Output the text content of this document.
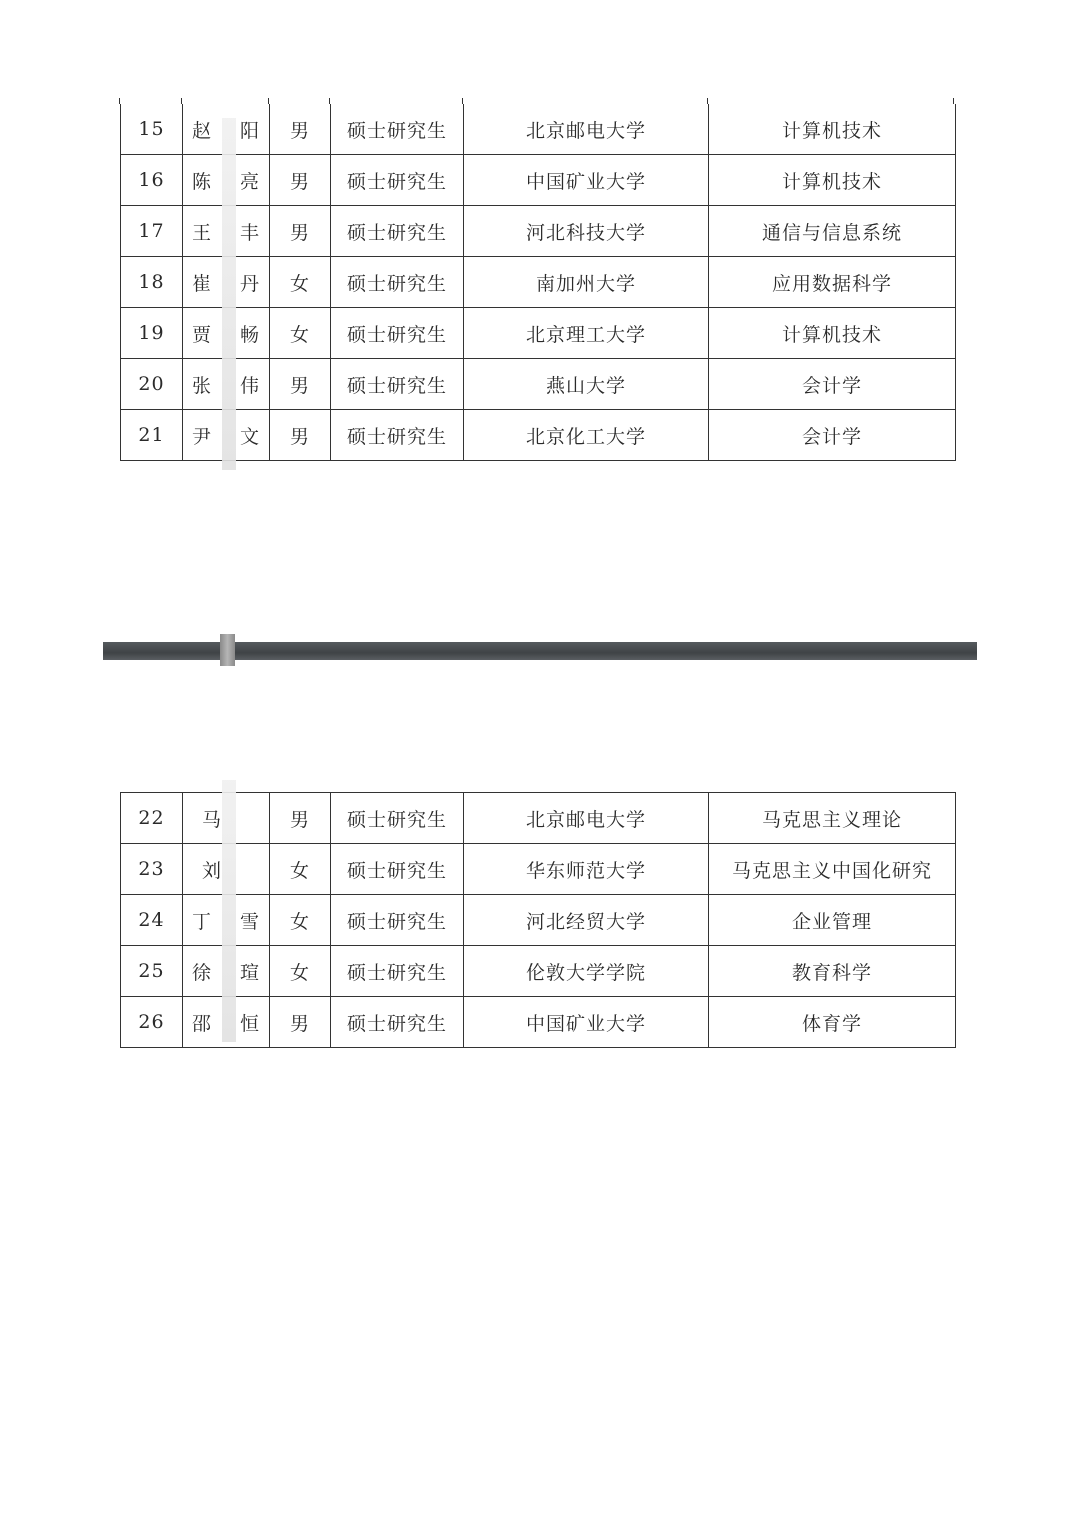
15	赵 阳	男	硕士研究生	北京邮电大学	计算机技术
16	陈 亮	男	硕士研究生	中国矿业大学	计算机技术
17	王 丰	男	硕士研究生	河北科技大学	通信与信息系统
18	崔 丹	女	硕士研究生	南加州大学	应用数据科学
19	贾 畅	女	硕士研究生	北京理工大学	计算机技术
20	张 伟	男	硕士研究生	燕山大学	会计学
21	尹 文	男	硕士研究生	北京化工大学	会计学
22	马	男	硕士研究生	北京邮电大学	马克思主义理论
23	刘	女	硕士研究生	华东师范大学	马克思主义中国化研究
24	丁 雪	女	硕士研究生	河北经贸大学	企业管理
25	徐 瑄	女	硕士研究生	伦敦大学学院	教育科学
26	邵 恒	男	硕士研究生	中国矿业大学	体育学
